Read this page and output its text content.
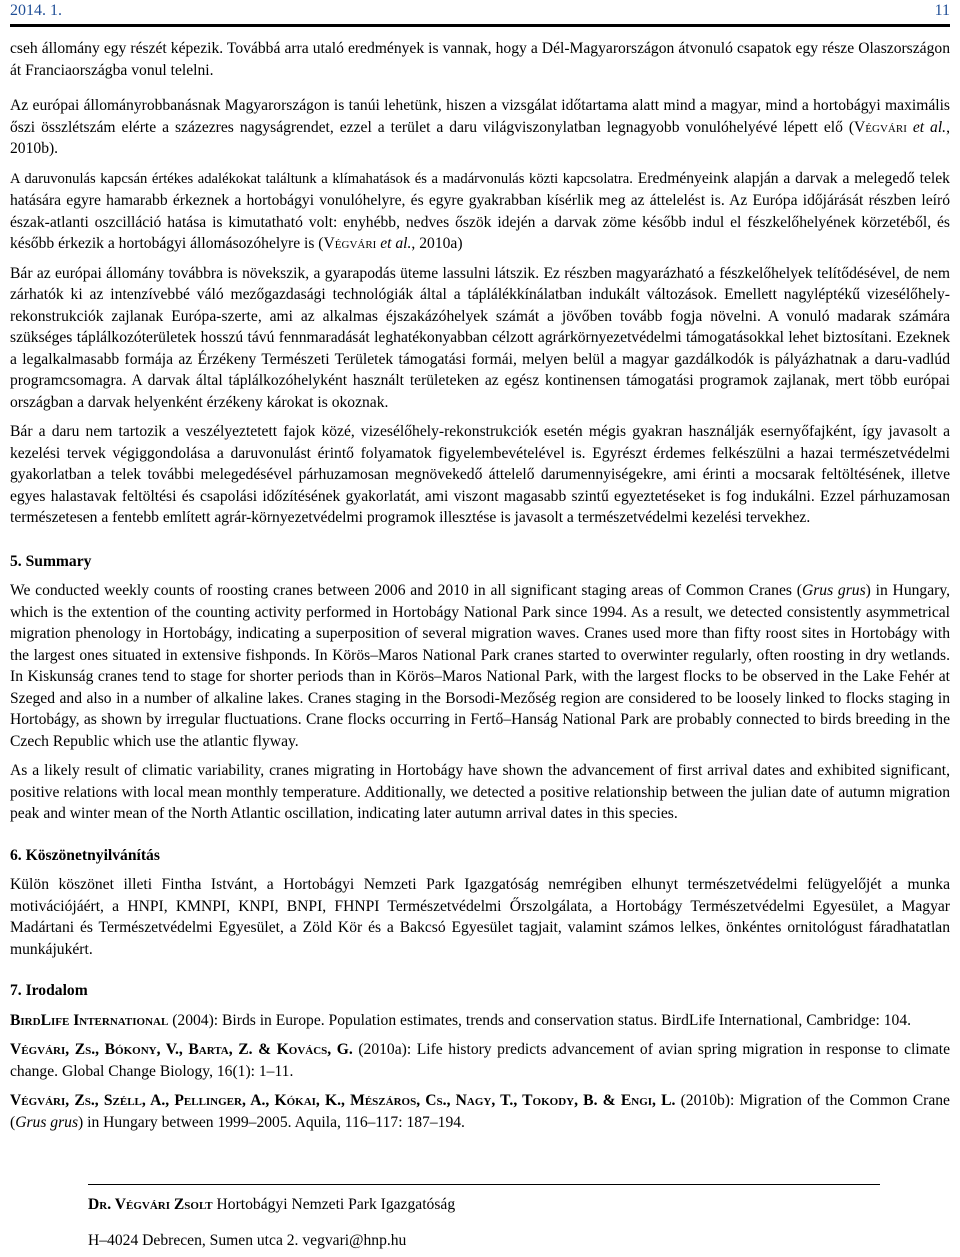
2014. 1.	11

cseh állomány egy részét képezik. Továbbá arra utaló eredmények is vannak, hogy a Dél-Magyarországon átvonuló csapatok egy része Olaszországon át Franciaországba vonul telelni.

Az európai állományrobbanásnak Magyarországon is tanúi lehetünk, hiszen a vizsgálat időtartama alatt mind a magyar, mind a hortobágyi maximális őszi összlétszám elérte a százezres nagyságrendet, ezzel a terület a daru világviszonylatban legnagyobb vonulóhelyévé lépett elő (Végvári et al., 2010b).

A daruvonulás kapcsán értékes adalékokat találtunk a klímahatások és a madárvonulás közti kapcsolatra. Eredményeink alapján a darvak a melegedő telek hatására egyre hamarabb érkeznek a hortobágyi vonulóhelyre, és egyre gyakrabban kísérlik meg az áttelelést is. Az Európa időjárását részben leíró észak-atlanti oszcilláció hatása is kimutatható volt: enyhébb, nedves őszök idején a darvak zöme később indul el fészkelőhelyének körzetéből, és később érkezik a hortobágyi állomásozóhelyre is (Végvári et al., 2010a)

Bár az európai állomány továbbra is növekszik, a gyarapodás üteme lassulni látszik. Ez részben magyarázható a fészkelőhelyek telítődésével, de nem zárhatók ki az intenzívebbé váló mezőgazdasági technológiák által a táplálékkínálatban indukált változások. Emellett nagyléptékű vizesélőhely-rekonstrukciók zajlanak Európa-szerte, ami az alkalmas éjszakázóhelyek számát a jövőben tovább fogja növelni. A vonuló madarak számára szükséges táplálkozóterületek hosszú távú fennmaradását leghatékonyabban célzott agrárkörnyezetvédelmi támogatásokkal lehet biztosítani. Ezeknek a legalkalmasabb formája az Érzékeny Természeti Területek támogatási formái, melyen belül a magyar gazdálkodók is pályázhatnak a daru-vadlúd programcsomagra. A darvak által táplálkozóhelyként használt területeken az egész kontinensen támogatási programok zajlanak, mert több európai országban a darvak helyenként érzékeny károkat is okoznak.

Bár a daru nem tartozik a veszélyeztetett fajok közé, vizesélőhely-rekonstrukciók esetén mégis gyakran használják esernyőfajként, így javasolt a kezelési tervek végiggondolása a daruvonulást érintő folyamatok figyelembevételével is. Egyrészt érdemes felkészülni a hazai természetvédelmi gyakorlatban a telek további melegedésével párhuzamosan megnövekedő áttelelő darumennyiségekre, ami érinti a mocsarak feltöltésének, illetve egyes halastavak feltöltési és csapolási időzítésének gyakorlatát, ami viszont magasabb szintű egyeztetéseket is fog indukálni. Ezzel párhuzamosan természetesen a fentebb említett agrár-környezetvédelmi programok illesztése is javasolt a természetvédelmi kezelési tervekhez.

5. Summary

We conducted weekly counts of roosting cranes between 2006 and 2010 in all significant staging areas of Common Cranes (Grus grus) in Hungary, which is the extention of the counting activity performed in Hortobágy National Park since 1994. As a result, we detected consistently asymmetrical migration phenology in Hortobágy, indicating a superposition of several migration waves. Cranes used more than fifty roost sites in Hortobágy with the largest ones situated in extensive fishponds. In Körös–Maros National Park cranes started to overwinter regularly, often roosting in dry wetlands. In Kiskunság cranes tend to stage for shorter periods than in Körös–Maros National Park, with the largest flocks to be observed in the Lake Fehér at Szeged and also in a number of alkaline lakes. Cranes staging in the Borsodi-Mezőség region are considered to be loosely linked to flocks staging in Hortobágy, as shown by irregular fluctuations. Crane flocks occurring in Fertő–Hanság National Park are probably connected to birds breeding in the Czech Republic which use the atlantic flyway.

As a likely result of climatic variability, cranes migrating in Hortobágy have shown the advancement of first arrival dates and exhibited significant, positive relations with local mean monthly temperature. Additionally, we detected a positive relationship between the julian date of autumn migration peak and winter mean of the North Atlantic oscillation, indicating later autumn arrival dates in this species.

6. Köszönetnyilvánítás

Külön köszönet illeti Fintha Istvánt, a Hortobágyi Nemzeti Park Igazgatóság nemrégiben elhunyt természetvédelmi felügyelőjét a munka motivációjáért, a HNPI, KMNPI, KNPI, BNPI, FHNPI Természetvédelmi Őrszolgálata, a Hortobágy Természetvédelmi Egyesület, a Magyar Madártani és Természetvédelmi Egyesület, a Zöld Kör és a Bakcsó Egyesület tagjait, valamint számos lelkes, önkéntes ornitológust fáradhatatlan munkájukért.

7. Irodalom

BirdLife International (2004): Birds in Europe. Population estimates, trends and conservation status. BirdLife International, Cambridge: 104.

Végvári, Zs., Bókony, V., Barta, Z. & Kovács, G. (2010a): Life history predicts advancement of avian spring migration in response to climate change. Global Change Biology, 16(1): 1–11.

Végvári, Zs., Széll, A., Pellinger, A., Kókai, K., Mészáros, Cs., Nagy, T., Tokody, B. & Engi, L. (2010b): Migration of the Common Crane (Grus grus) in Hungary between 1999–2005. Aquila, 116–117: 187–194.

Dr. Végvári Zsolt Hortobágyi Nemzeti Park Igazgatóság
H–4024 Debrecen, Sumen utca 2. vegvari@hnp.hu
